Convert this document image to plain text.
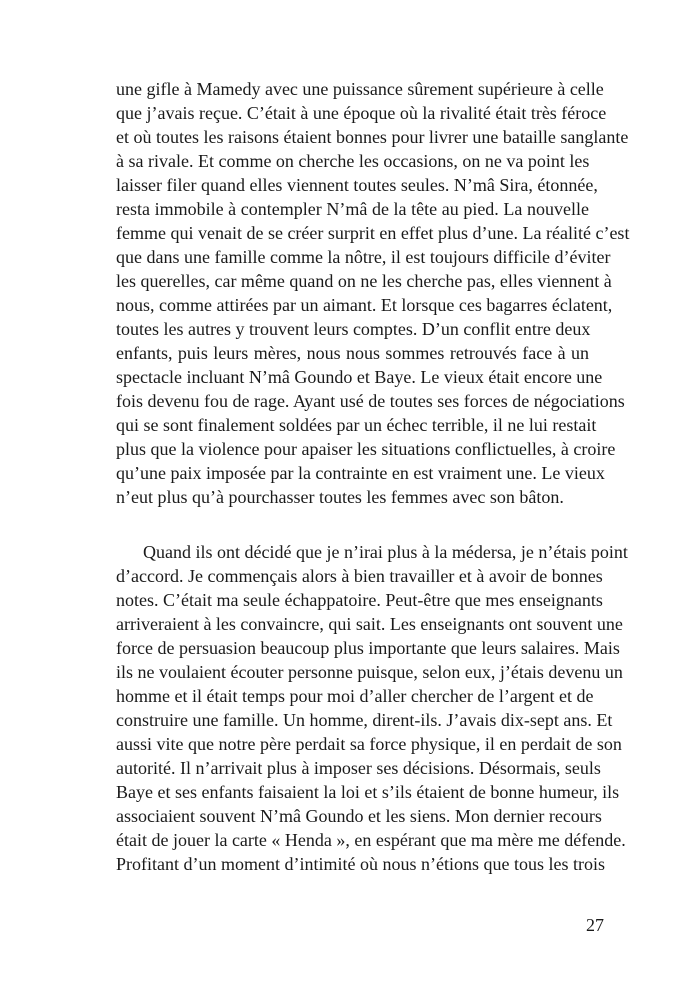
une gifle à Mamedy avec une puissance sûrement supérieure à celle
que j’avais reçue. C’était à une époque où la rivalité était très féroce
et où toutes les raisons étaient bonnes pour livrer une bataille sanglante
à sa rivale. Et comme on cherche les occasions, on ne va point les
laisser filer quand elles viennent toutes seules. N’mâ Sira, étonnée,
resta immobile à contempler N’mâ de la tête au pied. La nouvelle
femme qui venait de se créer surprit en effet plus d’une. La réalité c’est
que dans une famille comme la nôtre, il est toujours difficile d’éviter
les querelles, car même quand on ne les cherche pas, elles viennent à
nous, comme attirées par un aimant. Et lorsque ces bagarres éclatent,
toutes les autres y trouvent leurs comptes. D’un conflit entre deux
enfants, puis leurs mères, nous nous sommes retrouvés face à un
spectacle incluant N’mâ Goundo et Baye. Le vieux était encore une
fois devenu fou de rage. Ayant usé de toutes ses forces de négociations
qui se sont finalement soldées par un échec terrible, il ne lui restait
plus que la violence pour apaiser les situations conflictuelles, à croire
qu’une paix imposée par la contrainte en est vraiment une. Le vieux
n’eut plus qu’à pourchasser toutes les femmes avec son bâton.
Quand ils ont décidé que je n’irai plus à la médersa, je n’étais point
d’accord. Je commençais alors à bien travailler et à avoir de bonnes
notes. C’était ma seule échappatoire. Peut-être que mes enseignants
arriveraient à les convaincre, qui sait. Les enseignants ont souvent une
force de persuasion beaucoup plus importante que leurs salaires. Mais
ils ne voulaient écouter personne puisque, selon eux, j’étais devenu un
homme et il était temps pour moi d’aller chercher de l’argent et de
construire une famille. Un homme, dirent-ils. J’avais dix-sept ans. Et
aussi vite que notre père perdait sa force physique, il en perdait de son
autorité. Il n’arrivait plus à imposer ses décisions. Désormais, seuls
Baye et ses enfants faisaient la loi et s’ils étaient de bonne humeur, ils
associaient souvent N’mâ Goundo et les siens. Mon dernier recours
était de jouer la carte « Henda », en espérant que ma mère me défende.
Profitant d’un moment d’intimité où nous n’étions que tous les trois
27
